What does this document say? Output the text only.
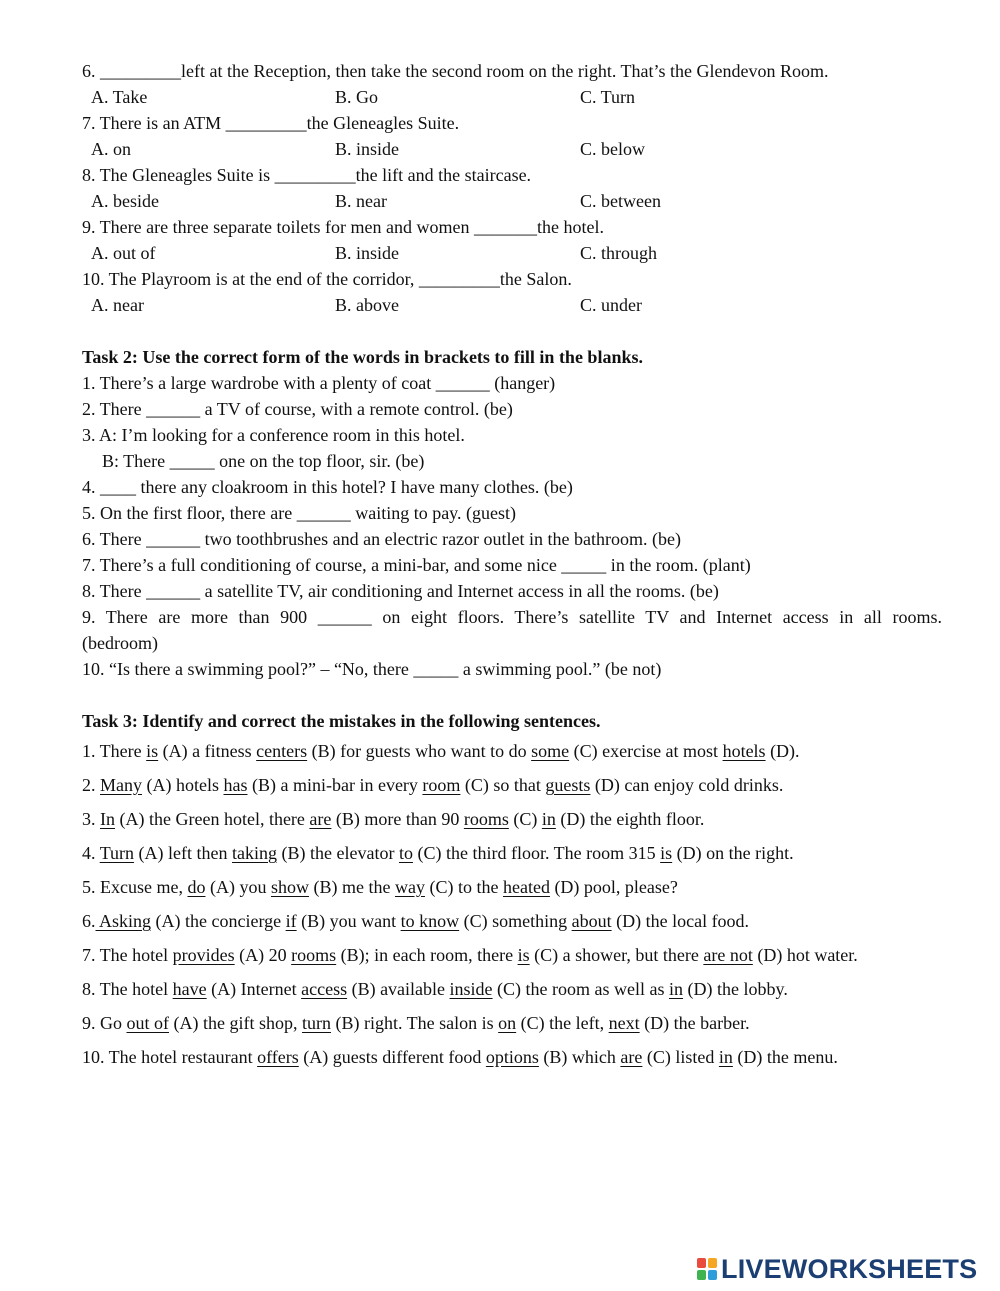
6. _________left at the Reception, then take the second room on the right. That’s the Glendevon Room.
A. Take	B. Go	C. Turn
7. There is an ATM _________the Gleneagles Suite.
A. on	B. inside	C. below
8. The Gleneagles Suite is _________the lift and the staircase.
A. beside	B. near	C. between
9. There are three separate toilets for men and women _______the hotel.
A. out of	B. inside	C. through
10. The Playroom is at the end of the corridor, _________the Salon.
A. near	B. above	C. under
Task 2: Use the correct form of the words in brackets to fill in the blanks.
1. There’s a large wardrobe with a plenty of coat ______ (hanger)
2. There ______ a TV of course, with a remote control. (be)
3. A: I’m looking for a conference room in this hotel.
B: There _____ one on the top floor, sir. (be)
4. ____ there any cloakroom in this hotel? I have many clothes. (be)
5. On the first floor, there are ______ waiting to pay. (guest)
6. There ______ two toothbrushes and an electric razor outlet in the bathroom. (be)
7. There’s a full conditioning of course, a mini-bar, and some nice _____ in the room. (plant)
8. There ______ a satellite TV, air conditioning and Internet access in all the rooms. (be)
9. There are more than 900 ______ on eight floors. There’s satellite TV and Internet access in all rooms.
(bedroom)
10. “Is there a swimming pool?” – “No, there _____ a swimming pool.” (be not)
Task 3: Identify and correct the mistakes in the following sentences.
1. There is (A) a fitness centers (B) for guests who want to do some (C) exercise at most hotels (D).
2. Many (A) hotels has (B) a mini-bar in every room (C) so that guests (D) can enjoy cold drinks.
3. In (A) the Green hotel, there are (B) more than 90 rooms (C) in (D) the eighth floor.
4. Turn (A) left then taking (B) the elevator to (C) the third floor. The room 315 is (D) on the right.
5. Excuse me, do (A) you show (B) me the way (C) to the heated (D) pool, please?
6. Asking (A) the concierge if (B) you want to know (C) something about (D) the local food.
7. The hotel provides (A) 20 rooms (B); in each room, there is (C) a shower, but there are not (D) hot water.
8. The hotel have (A) Internet access (B) available inside (C) the room as well as in (D) the lobby.
9. Go out of (A) the gift shop, turn (B) right. The salon is on (C) the left, next (D) the barber.
10. The hotel restaurant offers (A) guests different food options (B) which are (C) listed in (D) the menu.
LIVEWORKSHEETS
